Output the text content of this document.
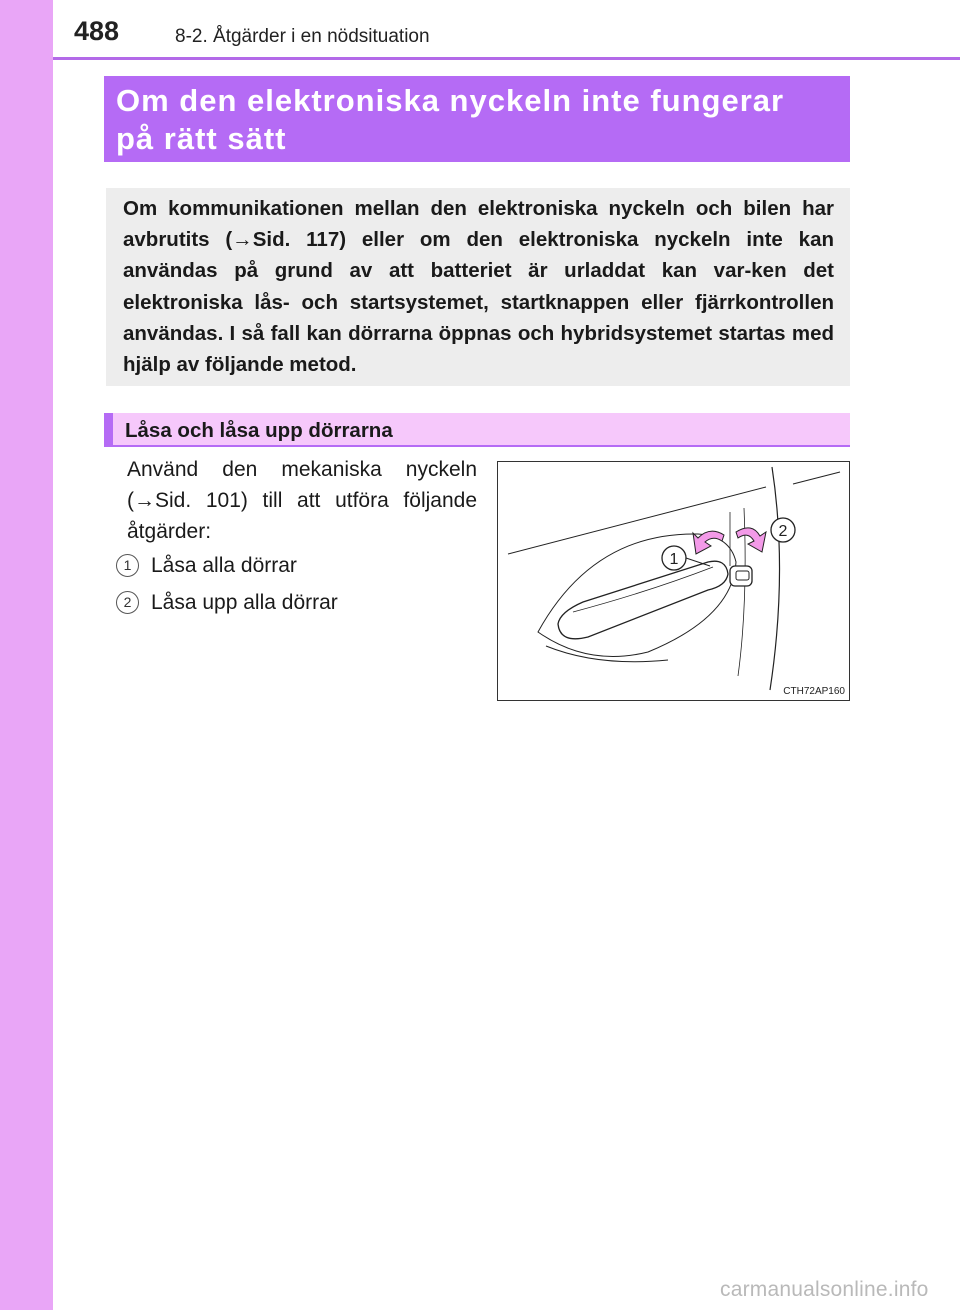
488	8-2. Åtgärder i en nödsituation
Om den elektroniska nyckeln inte fungerar
på rätt sätt

Om kommunikationen mellan den elektroniska nyckeln och bilen har avbrutits (→Sid. 117) eller om den elektroniska nyckeln inte kan användas på grund av att batteriet är urladdat kan var-ken det elektroniska lås- och startsystemet, startknappen eller fjärrkontrollen användas. I så fall kan dörrarna öppnas och hybridsystemet startas med hjälp av följande metod.

Låsa och låsa upp dörrarna

Använd den mekaniska nyckeln (→Sid. 101) till att utföra följande åtgärder:

1 Låsa alla dörrar
2 Låsa upp alla dörrar
1
2
CTH72AP160
carmanualsonline.info
